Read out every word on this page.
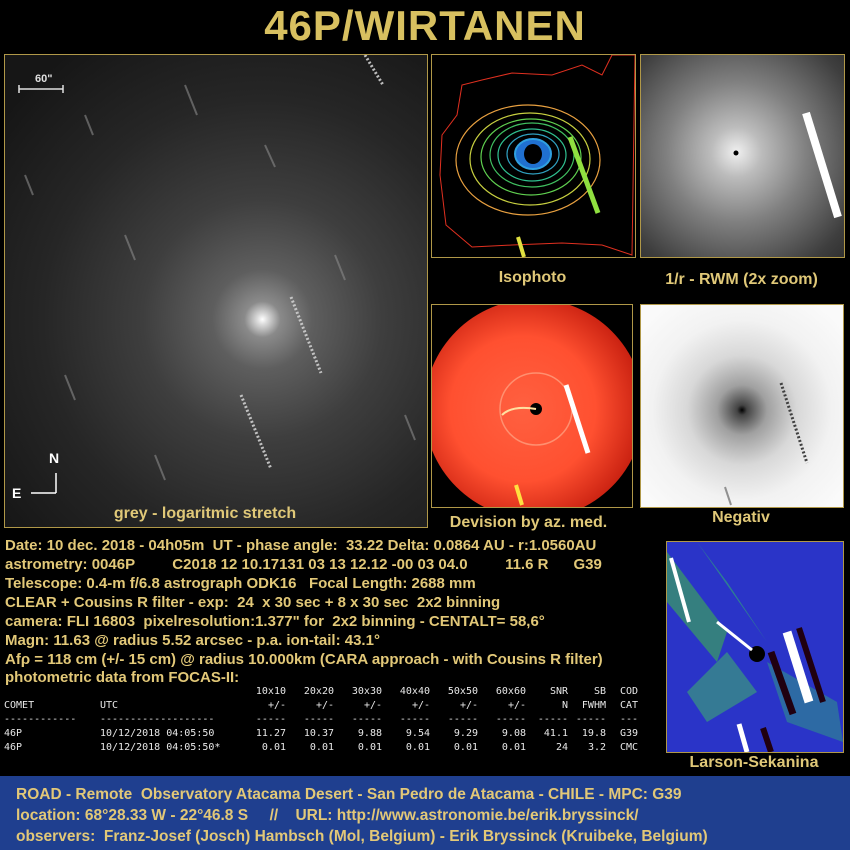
46P/WIRTANEN
60"
N
E
grey - logaritmic stretch
Isophoto	1/r - RWM (2x zoom)
Devision by az. med.	Negativ
Larson-Sekanina
Date: 10 dec. 2018 - 04h05m  UT - phase angle:  33.22 Delta: 0.0864 AU - r:1.0560AU
astrometry: 0046P         C2018 12 10.17131 03 13 12.12 -00 03 04.0         11.6 R      G39
Telescope: 0.4-m f/6.8 astrograph ODK16   Focal Length: 2688 mm
CLEAR + Cousins R filter - exp:  24  x 30 sec + 8 x 30 sec  2x2 binning
camera: FLI 16803  pixelresolution:1.377" for  2x2 binning - CENTALT= 58,6°
Magn: 11.63 @ radius 5.52 arcsec - p.a. ion-tail: 43.1°
Afρ = 118 cm (+/- 15 cm) @ radius 10.000km (CARA approach - with Cousins R filter)
photometric data from FOCAS-II:
		10x10	20x20	30x30	40x40	50x50	60x60	SNR	SB	COD
COMET	UTC	+/-	+/-	+/-	+/-	+/-	+/-	N	FWHM	CAT
------------	-------------------	-----	-----	-----	-----	-----	-----	-----	-----	---
46P	10/12/2018 04:05:50	11.27	10.37	9.88	9.54	9.29	9.08	41.1	19.8	G39
46P	10/12/2018 04:05:50*	0.01	0.01	0.01	0.01	0.01	0.01	24	3.2	CMC
ROAD - Remote  Observatory Atacama Desert - San Pedro de Atacama - CHILE - MPC: G39
location: 68°28.33 W - 22°46.8 S     //    URL: http://www.astronomie.be/erik.bryssinck/
observers:  Franz-Josef (Josch) Hambsch (Mol, Belgium) - Erik Bryssinck (Kruibeke, Belgium)
